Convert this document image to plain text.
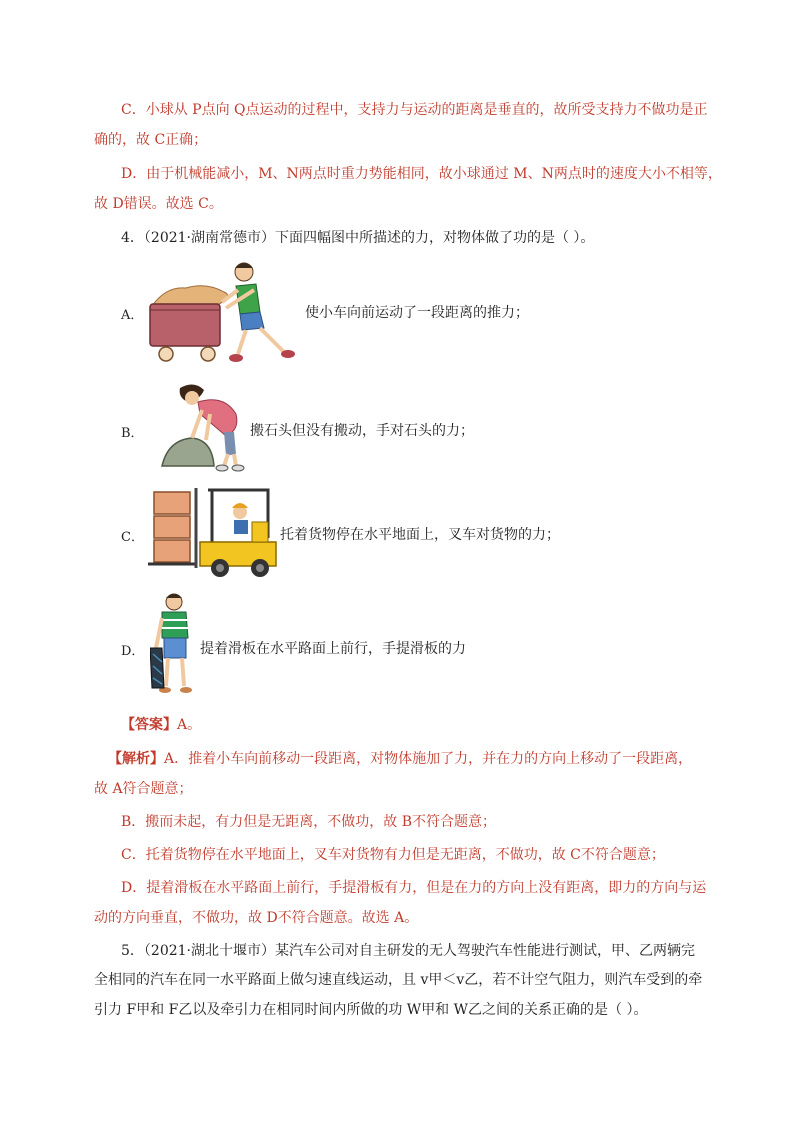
C．小球从 P点向 Q点运动的过程中，支持力与运动的距离是垂直的，故所受支持力不做功是正
确的，故 C正确；
D．由于机械能减小，M、N两点时重力势能相同，故小球通过 M、N两点时的速度大小不相等，
故 D错误。故选 C。
4．（2021·湖南常德市）下面四幅图中所描述的力，对物体做了功的是（ ）。
A．	使小车向前运动了一段距离的推力；
B．	搬石头但没有搬动，手对石头的力；
C．	托着货物停在水平地面上，叉车对货物的力；
D．	提着滑板在水平路面上前行，手提滑板的力
【答案】A。
【解析】A．推着小车向前移动一段距离，对物体施加了力，并在力的方向上移动了一段距离，
故 A符合题意；
B．搬而未起，有力但是无距离，不做功，故 B不符合题意；
C．托着货物停在水平地面上，叉车对货物有力但是无距离，不做功，故 C不符合题意；
D．提着滑板在水平路面上前行，手提滑板有力，但是在力的方向上没有距离，即力的方向与运
动的方向垂直，不做功，故 D不符合题意。故选 A。
5．（2021·湖北十堰市）某汽车公司对自主研发的无人驾驶汽车性能进行测试，甲、乙两辆完
全相同的汽车在同一水平路面上做匀速直线运动，且 v甲＜v乙，若不计空气阻力，则汽车受到的牵
引力 F甲和 F乙以及牵引力在相同时间内所做的功 W甲和 W乙之间的关系正确的是（ ）。
